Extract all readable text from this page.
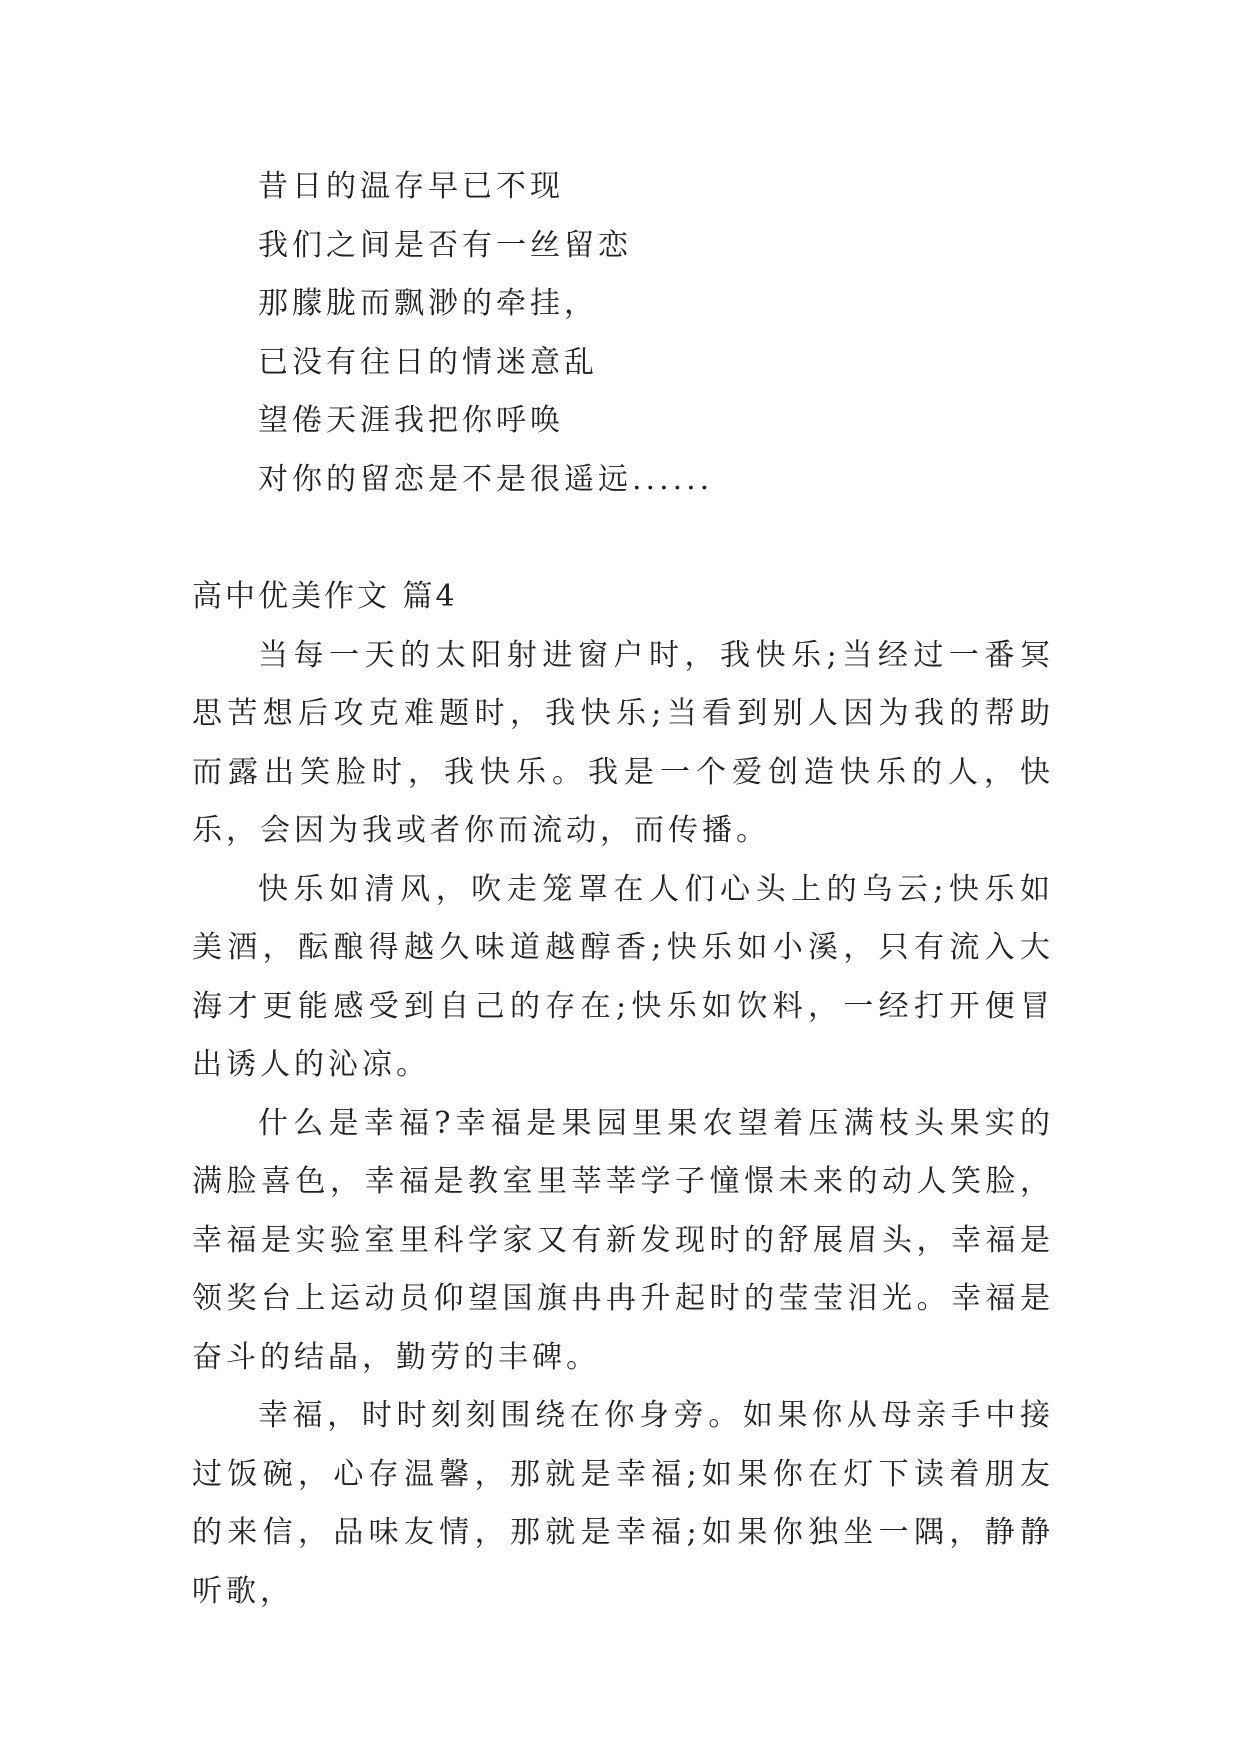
昔日的温存早已不现
我们之间是否有一丝留恋
那朦胧而飘渺的牵挂，
已没有往日的情迷意乱
望倦天涯我把你呼唤
对你的留恋是不是很遥远......
高中优美作文 篇4

当每一天的太阳射进窗户时，我快乐;当经过一番冥思苦想后攻克难题时，我快乐;当看到别人因为我的帮助而露出笑脸时，我快乐。我是一个爱创造快乐的人，快乐，会因为我或者你而流动，而传播。

快乐如清风，吹走笼罩在人们心头上的乌云;快乐如美酒，酝酿得越久味道越醇香;快乐如小溪，只有流入大海才更能感受到自己的存在;快乐如饮料，一经打开便冒出诱人的沁凉。

什么是幸福?幸福是果园里果农望着压满枝头果实的满脸喜色，幸福是教室里莘莘学子憧憬未来的动人笑脸，幸福是实验室里科学家又有新发现时的舒展眉头，幸福是领奖台上运动员仰望国旗冉冉升起时的莹莹泪光。幸福是奋斗的结晶，勤劳的丰碑。

幸福，时时刻刻围绕在你身旁。如果你从母亲手中接过饭碗，心存温馨，那就是幸福;如果你在灯下读着朋友的来信，品味友情，那就是幸福;如果你独坐一隅，静静听歌，
